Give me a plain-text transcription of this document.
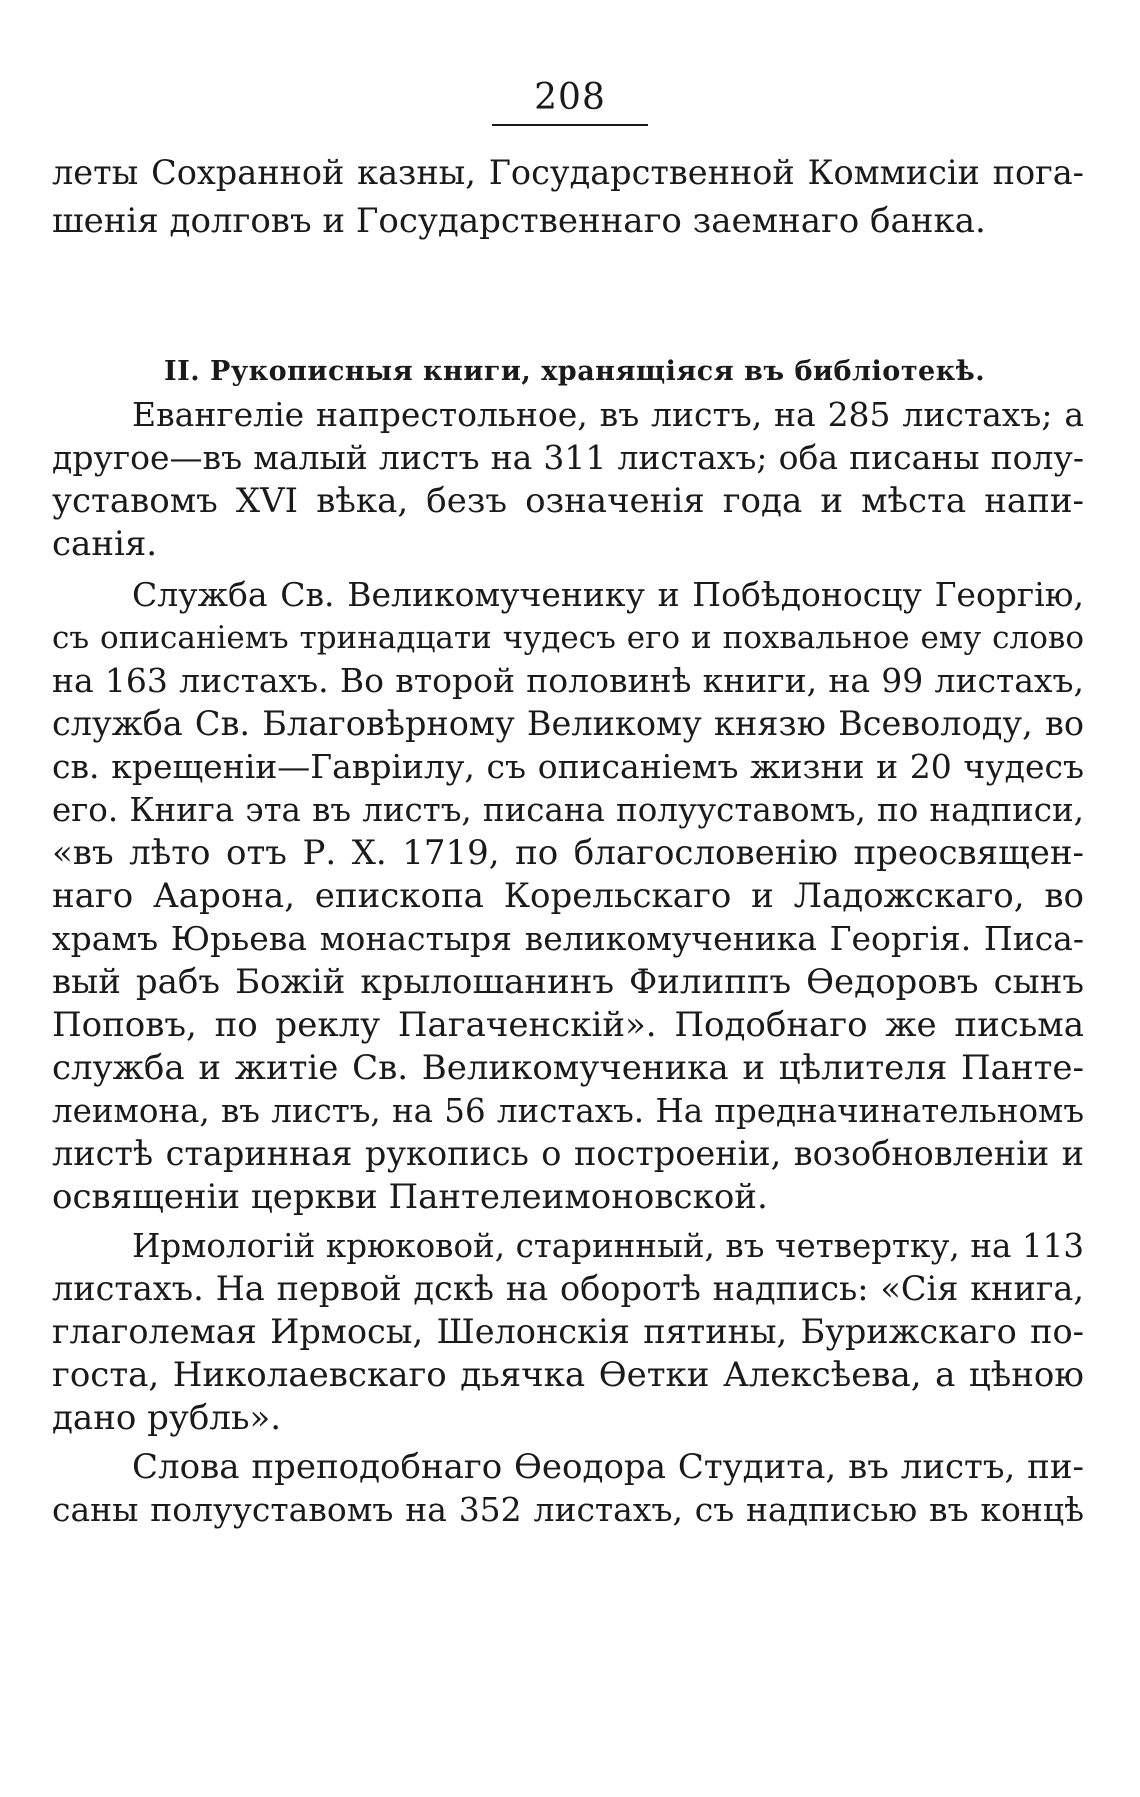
208
леты Сохранной казны, Государственной Коммисіи пога-
шенія долговъ и Государственнаго заемнаго банка.
II. Рукописныя книги, хранящіяся въ библіотекѣ.
Евангеліе напрестольное, въ листъ, на 285 листахъ; а
другое—въ малый листъ на 311 листахъ; оба писаны полу-
уставомъ XVI вѣка, безъ означенія года и мѣста напи-
санія.
Служба Св. Великомученику и Побѣдоносцу Георгію,
съ описаніемъ тринадцати чудесъ его и похвальное ему слово
на 163 листахъ. Во второй половинѣ книги, на 99 листахъ,
служба Св. Благовѣрному Великому князю Всеволоду, во
св. крещеніи—Гавріилу, съ описаніемъ жизни и 20 чудесъ
его. Книга эта въ листъ, писана полууставомъ, по надписи,
«въ лѣто отъ Р. Х. 1719, по благословенію преосвящен-
наго Аарона, епископа Корельскаго и Ладожскаго, во
храмъ Юрьева монастыря великомученика Георгія. Писа-
вый рабъ Божій крылошанинъ Филиппъ Ѳедоровъ сынъ
Поповъ, по реклу Пагаченскій». Подобнаго же письма
служба и житіе Св. Великомученика и цѣлителя Панте-
леимона, въ листъ, на 56 листахъ. На предначинательномъ
листѣ старинная рукопись о построеніи, возобновленіи и
освященіи церкви Пантелеимоновской.
Ирмологій крюковой, старинный, въ четвертку, на 113
листахъ. На первой дскѣ на оборотѣ надпись: «Сія книга,
глаголемая Ирмосы, Шелонскія пятины, Бурижскаго по-
госта, Николаевскаго дьячка Ѳетки Алексѣева, а цѣною
дано рубль».
Слова преподобнаго Ѳеодора Студита, въ листъ, пи-
саны полууставомъ на 352 листахъ, съ надписью въ концѣ
